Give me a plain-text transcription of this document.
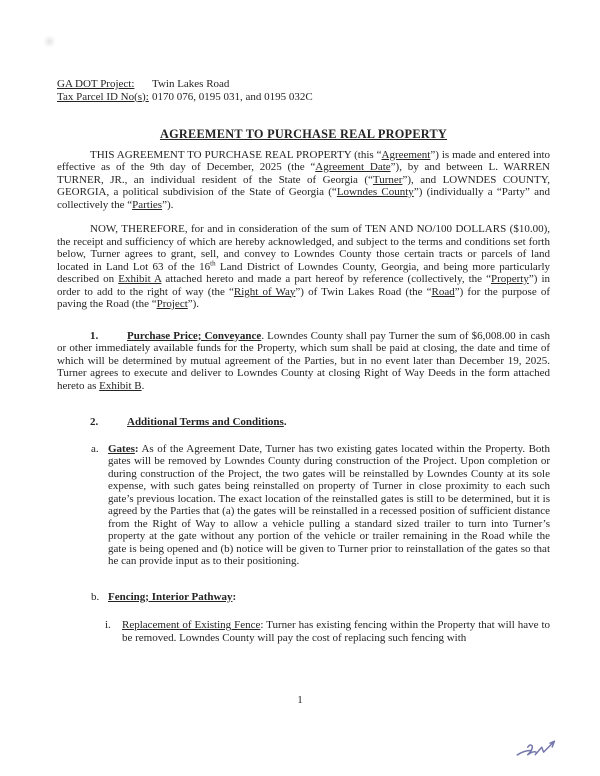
GA DOT Project: Twin Lakes Road
Tax Parcel ID No(s): 0170 076, 0195 031, and 0195 032C
AGREEMENT TO PURCHASE REAL PROPERTY

THIS AGREEMENT TO PURCHASE REAL PROPERTY (this “Agreement”) is made and entered into effective as of the 9th day of December, 2025 (the “Agreement Date”), by and between L. WARREN TURNER, JR., an individual resident of the State of Georgia (“Turner”), and LOWNDES COUNTY, GEORGIA, a political subdivision of the State of Georgia (“Lowndes County”) (individually a “Party” and collectively the “Parties”).

NOW, THEREFORE, for and in consideration of the sum of TEN AND NO/100 DOLLARS ($10.00), the receipt and sufficiency of which are hereby acknowledged, and subject to the terms and conditions set forth below, Turner agrees to grant, sell, and convey to Lowndes County those certain tracts or parcels of land located in Land Lot 63 of the 16th Land District of Lowndes County, Georgia, and being more particularly described on Exhibit A attached hereto and made a part hereof by reference (collectively, the “Property”) in order to add to the right of way (the “Right of Way”) of Twin Lakes Road (the “Road”) for the purpose of paving the Road (the “Project”).

1.	Purchase Price; Conveyance. Lowndes County shall pay Turner the sum of $6,008.00 in cash or other immediately available funds for the Property, which sum shall be paid at closing, the date and time of which will be determined by mutual agreement of the Parties, but in no event later than December 19, 2025. Turner agrees to execute and deliver to Lowndes County at closing Right of Way Deeds in the form attached hereto as Exhibit B.

2.	Additional Terms and Conditions.

a. Gates: As of the Agreement Date, Turner has two existing gates located within the Property. Both gates will be removed by Lowndes County during construction of the Project. Upon completion or during construction of the Project, the two gates will be reinstalled by Lowndes County at its sole expense, with such gates being reinstalled on property of Turner in close proximity to each such gate’s previous location. The exact location of the reinstalled gates is still to be determined, but it is agreed by the Parties that (a) the gates will be reinstalled in a recessed position of sufficient distance from the Right of Way to allow a vehicle pulling a standard sized trailer to turn into Turner’s property at the gate without any portion of the vehicle or trailer remaining in the Road while the gate is being opened and (b) notice will be given to Turner prior to reinstallation of the gates so that he can provide input as to their positioning.
b. Fencing; Interior Pathway:
i.	Replacement of Existing Fence: Turner has existing fencing within the Property that will have to be removed. Lowndes County will pay the cost of replacing such fencing with
1
